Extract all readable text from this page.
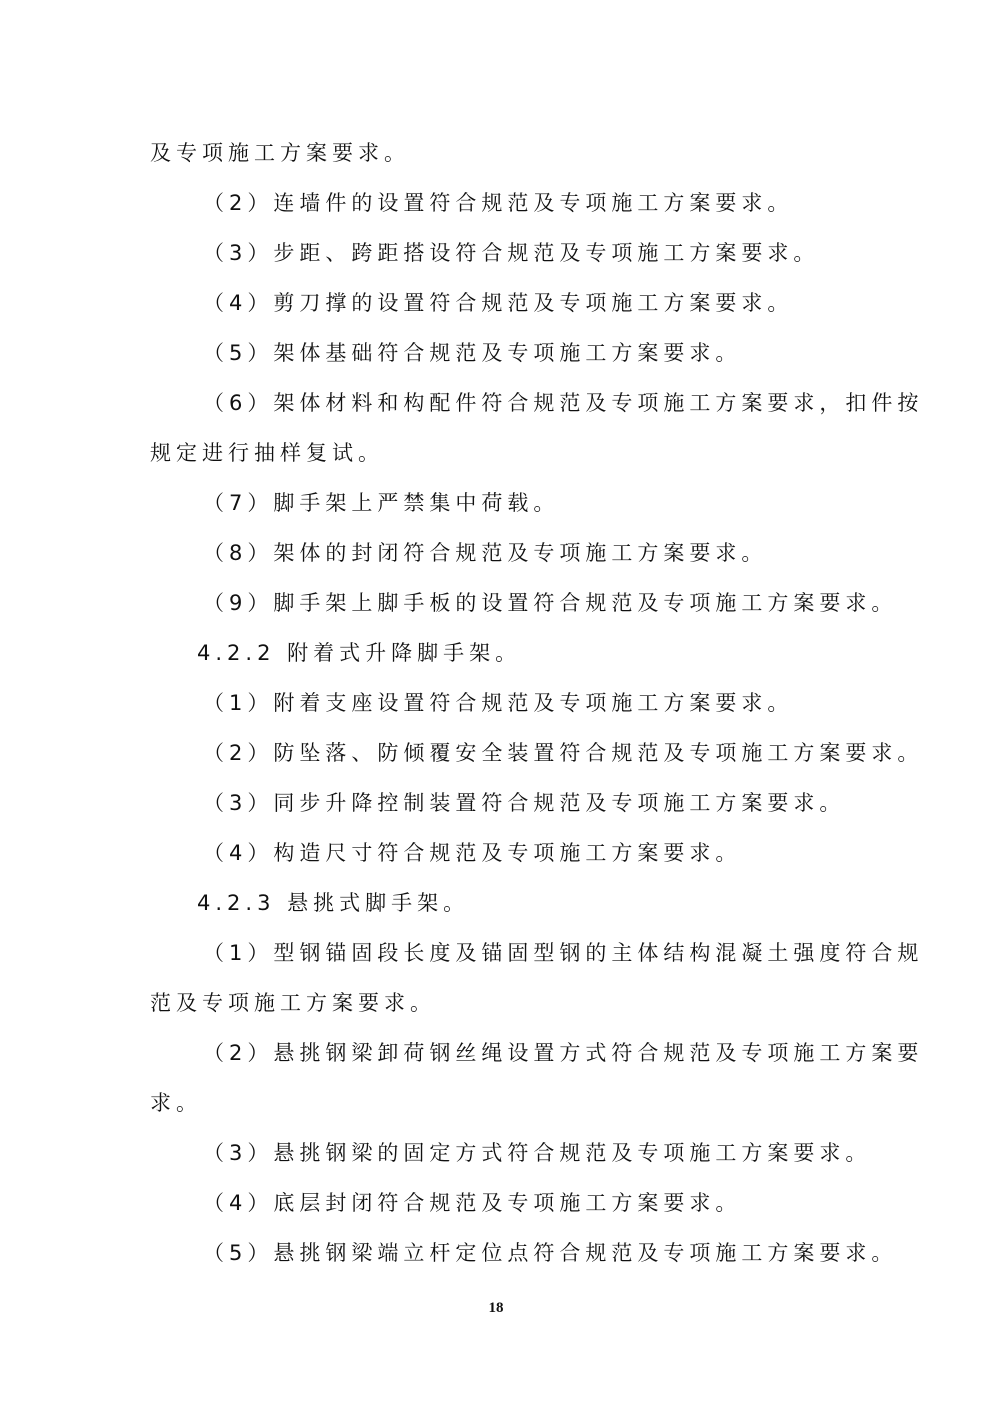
及专项施工方案要求。
（2）连墙件的设置符合规范及专项施工方案要求。
（3）步距、跨距搭设符合规范及专项施工方案要求。
（4）剪刀撑的设置符合规范及专项施工方案要求。
（5）架体基础符合规范及专项施工方案要求。
（6）架体材料和构配件符合规范及专项施工方案要求，扣件按
规定进行抽样复试。
（7）脚手架上严禁集中荷载。
（8）架体的封闭符合规范及专项施工方案要求。
（9）脚手架上脚手板的设置符合规范及专项施工方案要求。
4.2.2 附着式升降脚手架。
（1）附着支座设置符合规范及专项施工方案要求。
（2）防坠落、防倾覆安全装置符合规范及专项施工方案要求。
（3）同步升降控制装置符合规范及专项施工方案要求。
（4）构造尺寸符合规范及专项施工方案要求。
4.2.3 悬挑式脚手架。
（1）型钢锚固段长度及锚固型钢的主体结构混凝土强度符合规
范及专项施工方案要求。
（2）悬挑钢梁卸荷钢丝绳设置方式符合规范及专项施工方案要
求。
（3）悬挑钢梁的固定方式符合规范及专项施工方案要求。
（4）底层封闭符合规范及专项施工方案要求。
（5）悬挑钢梁端立杆定位点符合规范及专项施工方案要求。
18
